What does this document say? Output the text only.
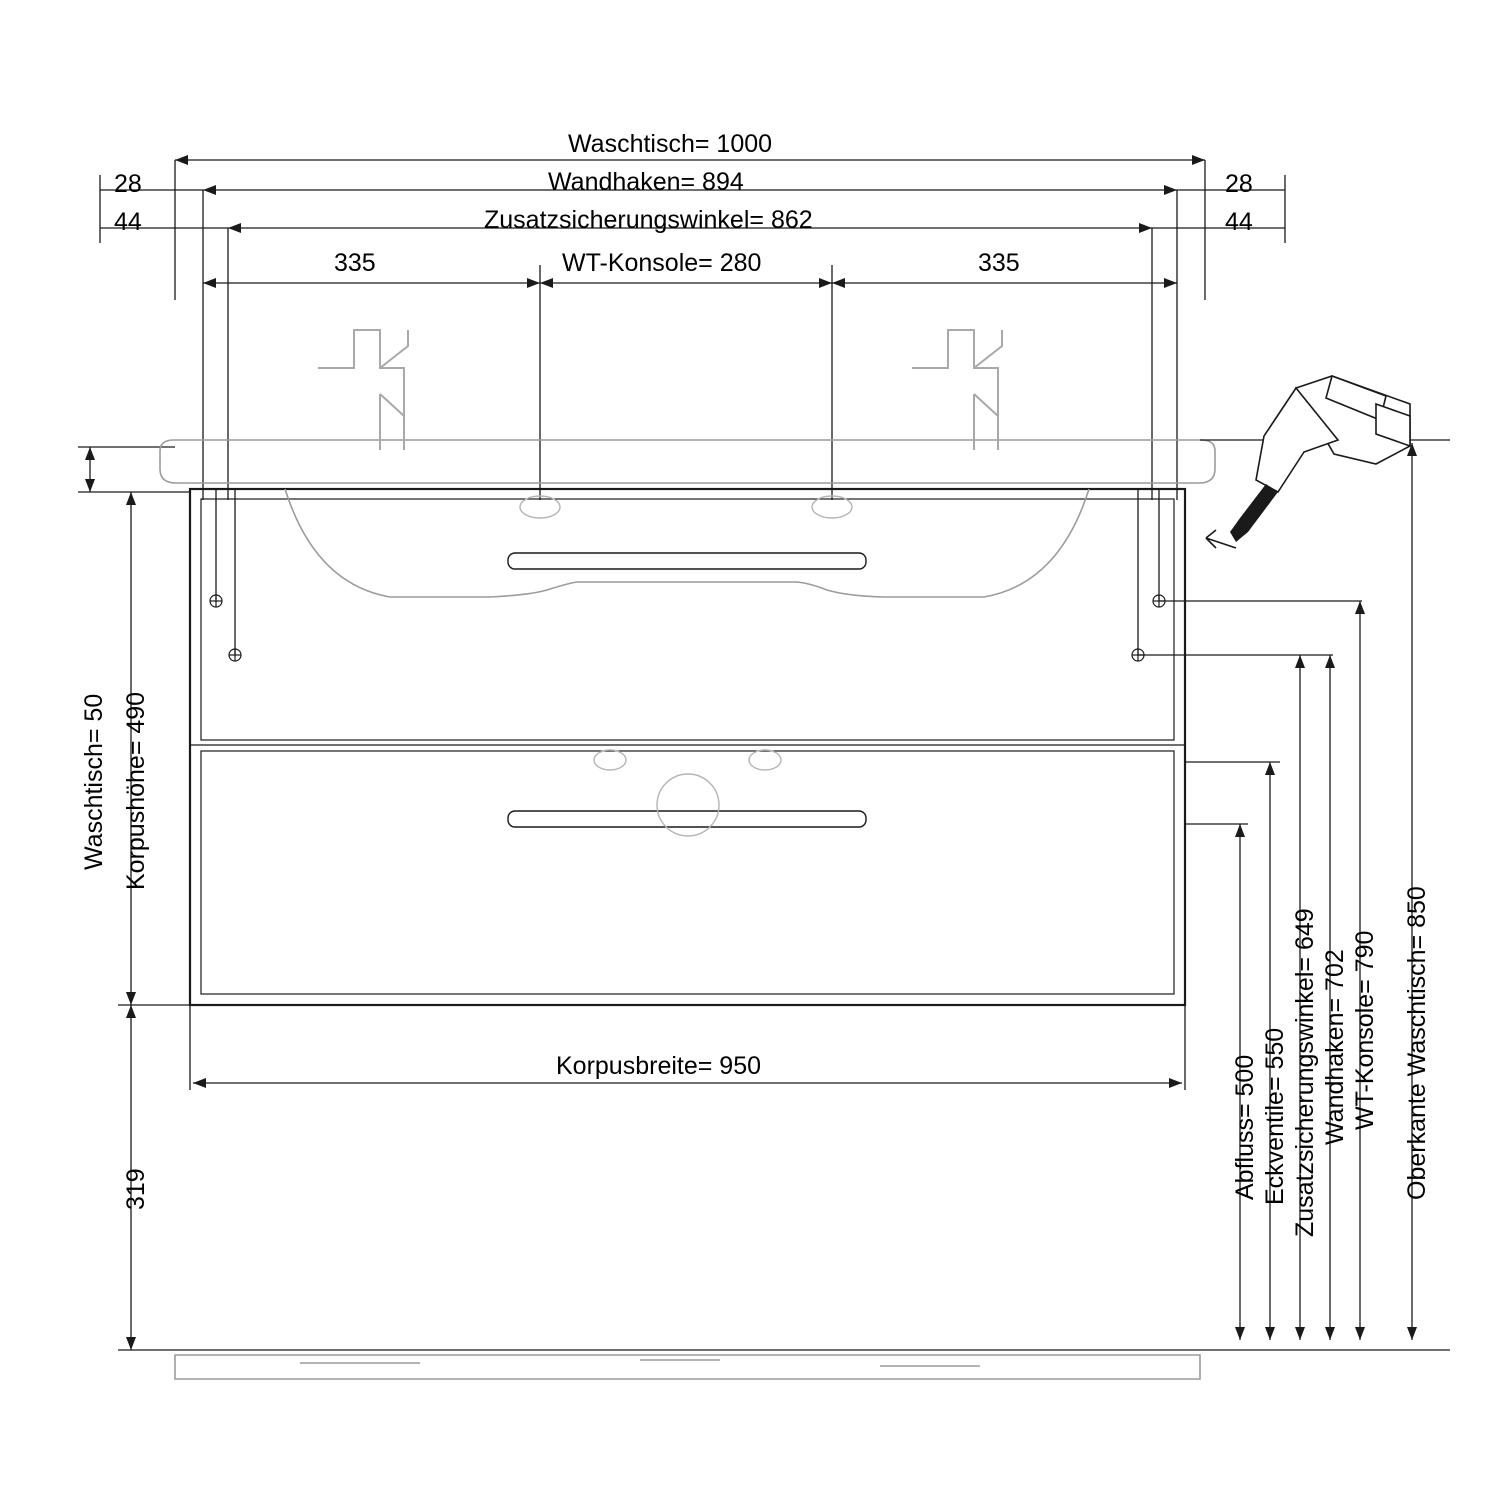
Waschtisch= 1000
Wandhaken= 894
Zusatzsicherungswinkel= 862
WT-Konsole= 280
28	28
44	44
335	335
Korpusbreite= 950
Waschtisch= 50 Korpushöhe= 490
319	Abfluss= 500 Eckventile= 550 Zusatzsicherungswinkel= 649 Wandhaken= 702 WT-Konsole= 790 Oberkante Waschtisch= 850
